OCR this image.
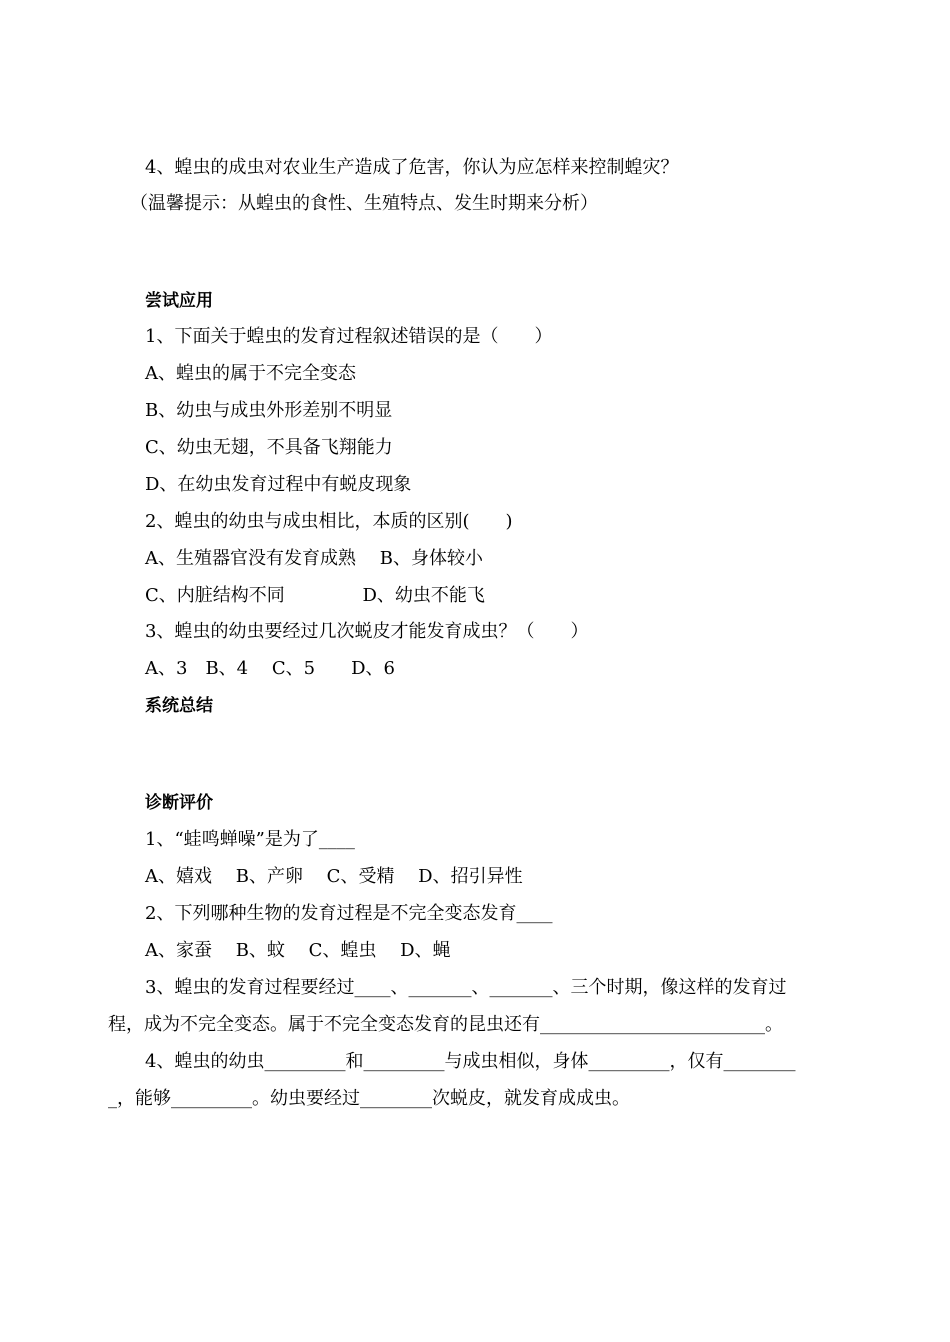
4、蝗虫的成虫对农业生产造成了危害，你认为应怎样来控制蝗灾？
（温馨提示：从蝗虫的食性、生殖特点、发生时期来分析）
尝试应用
1、下面关于蝗虫的发育过程叙述错误的是（　　）
A、蝗虫的属于不完全变态
B、幼虫与成虫外形差别不明显
C、幼虫无翅，不具备飞翔能力
D、在幼虫发育过程中有蜕皮现象
2、蝗虫的幼虫与成虫相比，本质的区别(　　)
A、生殖器官没有发育成熟　 B、身体较小
C、内脏结构不同　　　　 D、幼虫不能飞
3、蝗虫的幼虫要经过几次蜕皮才能发育成虫？（　　）
A、3　B、4　 C、5　　D、6
系统总结
诊断评价
1、“蛙鸣蝉噪”是为了____
A、嬉戏　 B、产卵　 C、受精　 D、招引异性
2、下列哪种生物的发育过程是不完全变态发育____
A、家蚕　 B、蚊　 C、蝗虫　 D、蝇
3、蝗虫的发育过程要经过____、_______、_______、三个时期，像这样的发育过
程，成为不完全变态。属于不完全变态发育的昆虫还有_________________________。
4、蝗虫的幼虫_________和_________与成虫相似，身体_________，仅有________
_，能够_________。幼虫要经过________次蜕皮，就发育成成虫。
